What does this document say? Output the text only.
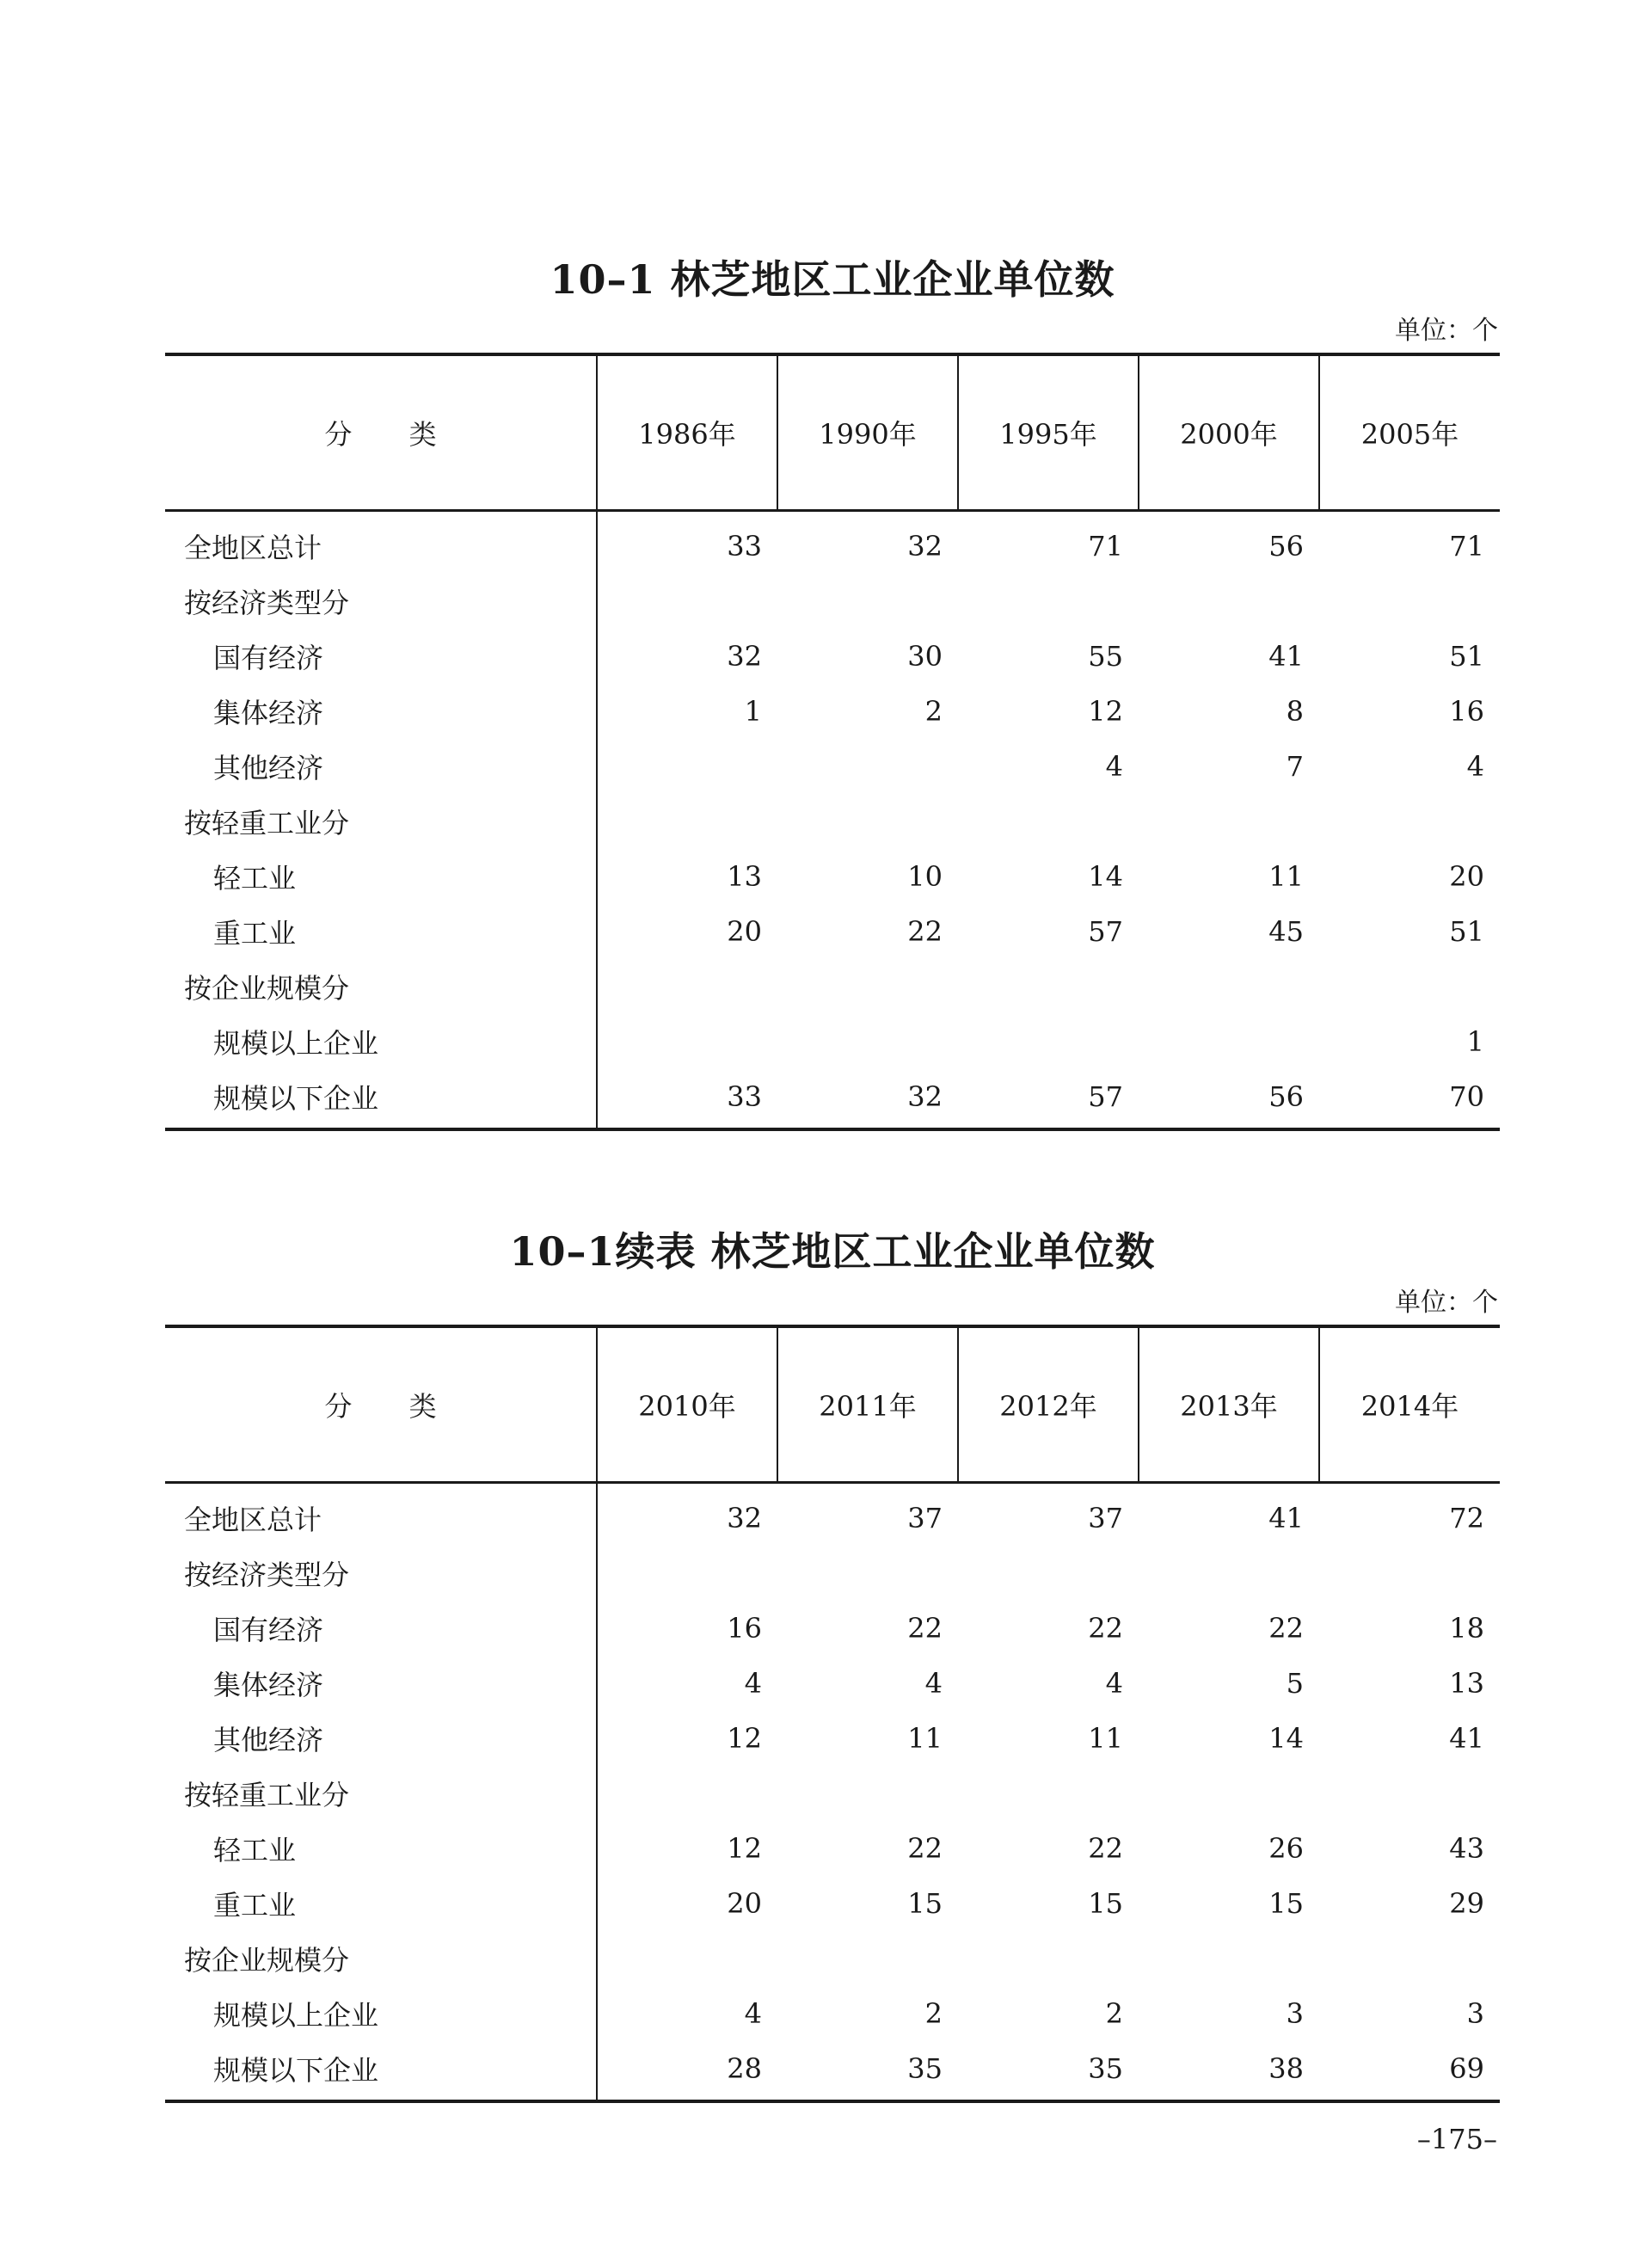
10–1 林芝地区工业企业单位数
单位：个
分 类	1986年	1990年	1995年	2000年	2005年
全地区总计	33	32	71	56	71
按经济类型分					
国有经济	32	30	55	41	51
集体经济	1	2	12	8	16
其他经济			4	7	4
按轻重工业分					
轻工业	13	10	14	11	20
重工业	20	22	57	45	51
按企业规模分					
规模以上企业					1
规模以下企业	33	32	57	56	70
10–1续表 林芝地区工业企业单位数
单位：个
分 类	2010年	2011年	2012年	2013年	2014年
全地区总计	32	37	37	41	72
按经济类型分					
国有经济	16	22	22	22	18
集体经济	4	4	4	5	13
其他经济	12	11	11	14	41
按轻重工业分					
轻工业	12	22	22	26	43
重工业	20	15	15	15	29
按企业规模分					
规模以上企业	4	2	2	3	3
规模以下企业	28	35	35	38	69
–175–
